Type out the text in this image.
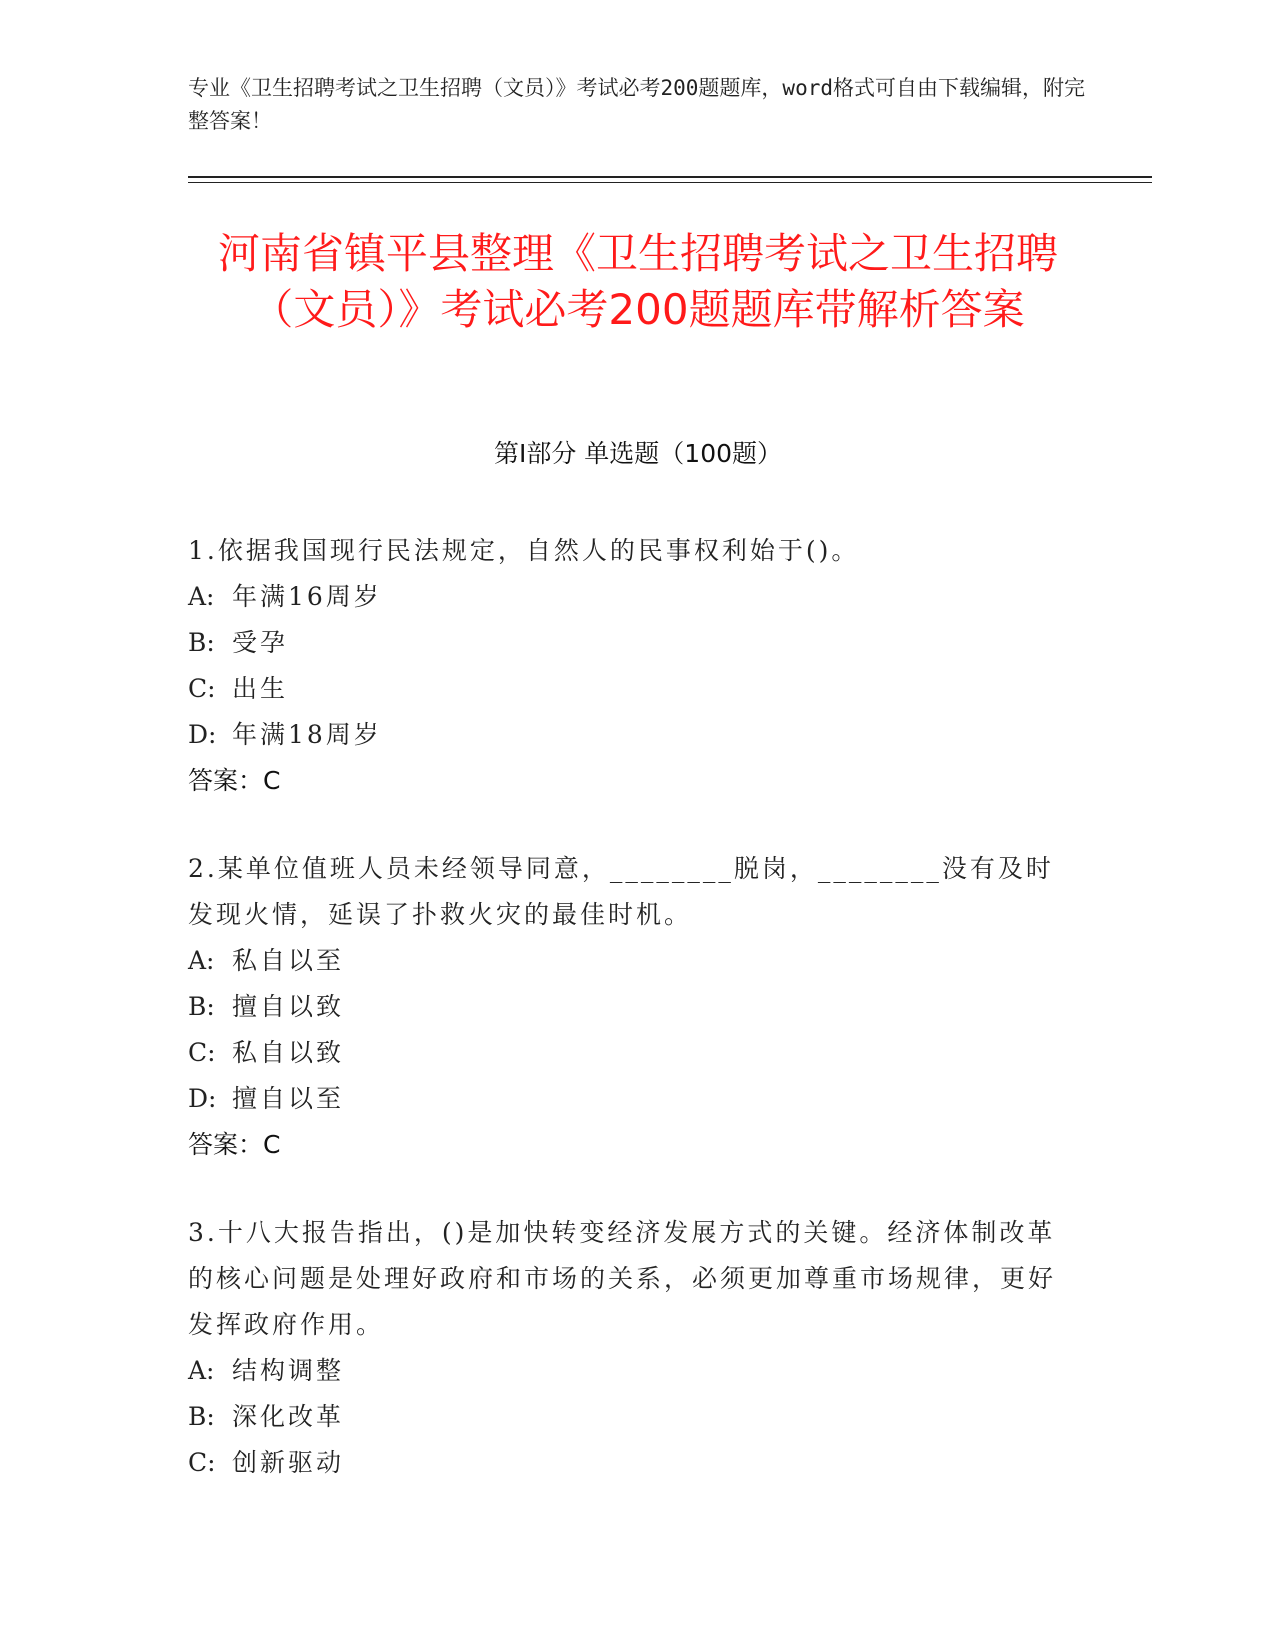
专业《卫生招聘考试之卫生招聘（文员）》考试必考200题题库，word格式可自由下载编辑，附完整答案！
河南省镇平县整理《卫生招聘考试之卫生招聘（文员）》考试必考200题题库带解析答案
第Ⅰ部分 单选题（100题）
1.依据我国现行民法规定，自然人的民事权利始于()。
A: 年满16周岁
B: 受孕
C: 出生
D: 年满18周岁
答案：C
2.某单位值班人员未经领导同意，________脱岗，________没有及时发现火情，延误了扑救火灾的最佳时机。
A: 私自以至
B: 擅自以致
C: 私自以致
D: 擅自以至
答案：C
3.十八大报告指出，()是加快转变经济发展方式的关键。经济体制改革的核心问题是处理好政府和市场的关系，必须更加尊重市场规律，更好发挥政府作用。
A: 结构调整
B: 深化改革
C: 创新驱动
